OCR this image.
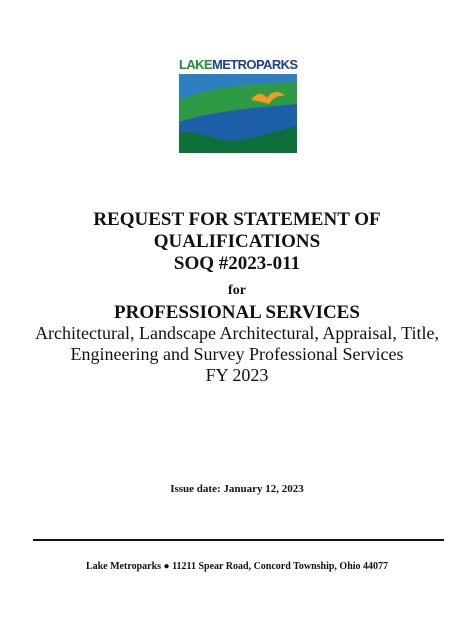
LAKEMETROPARKS
REQUEST FOR STATEMENT OF
QUALIFICATIONS
SOQ #2023-011
for
PROFESSIONAL SERVICES
Architectural, Landscape Architectural, Appraisal, Title,
Engineering and Survey Professional Services
FY 2023
Issue date: January 12, 2023
Lake Metroparks ● 11211 Spear Road, Concord Township, Ohio 44077
